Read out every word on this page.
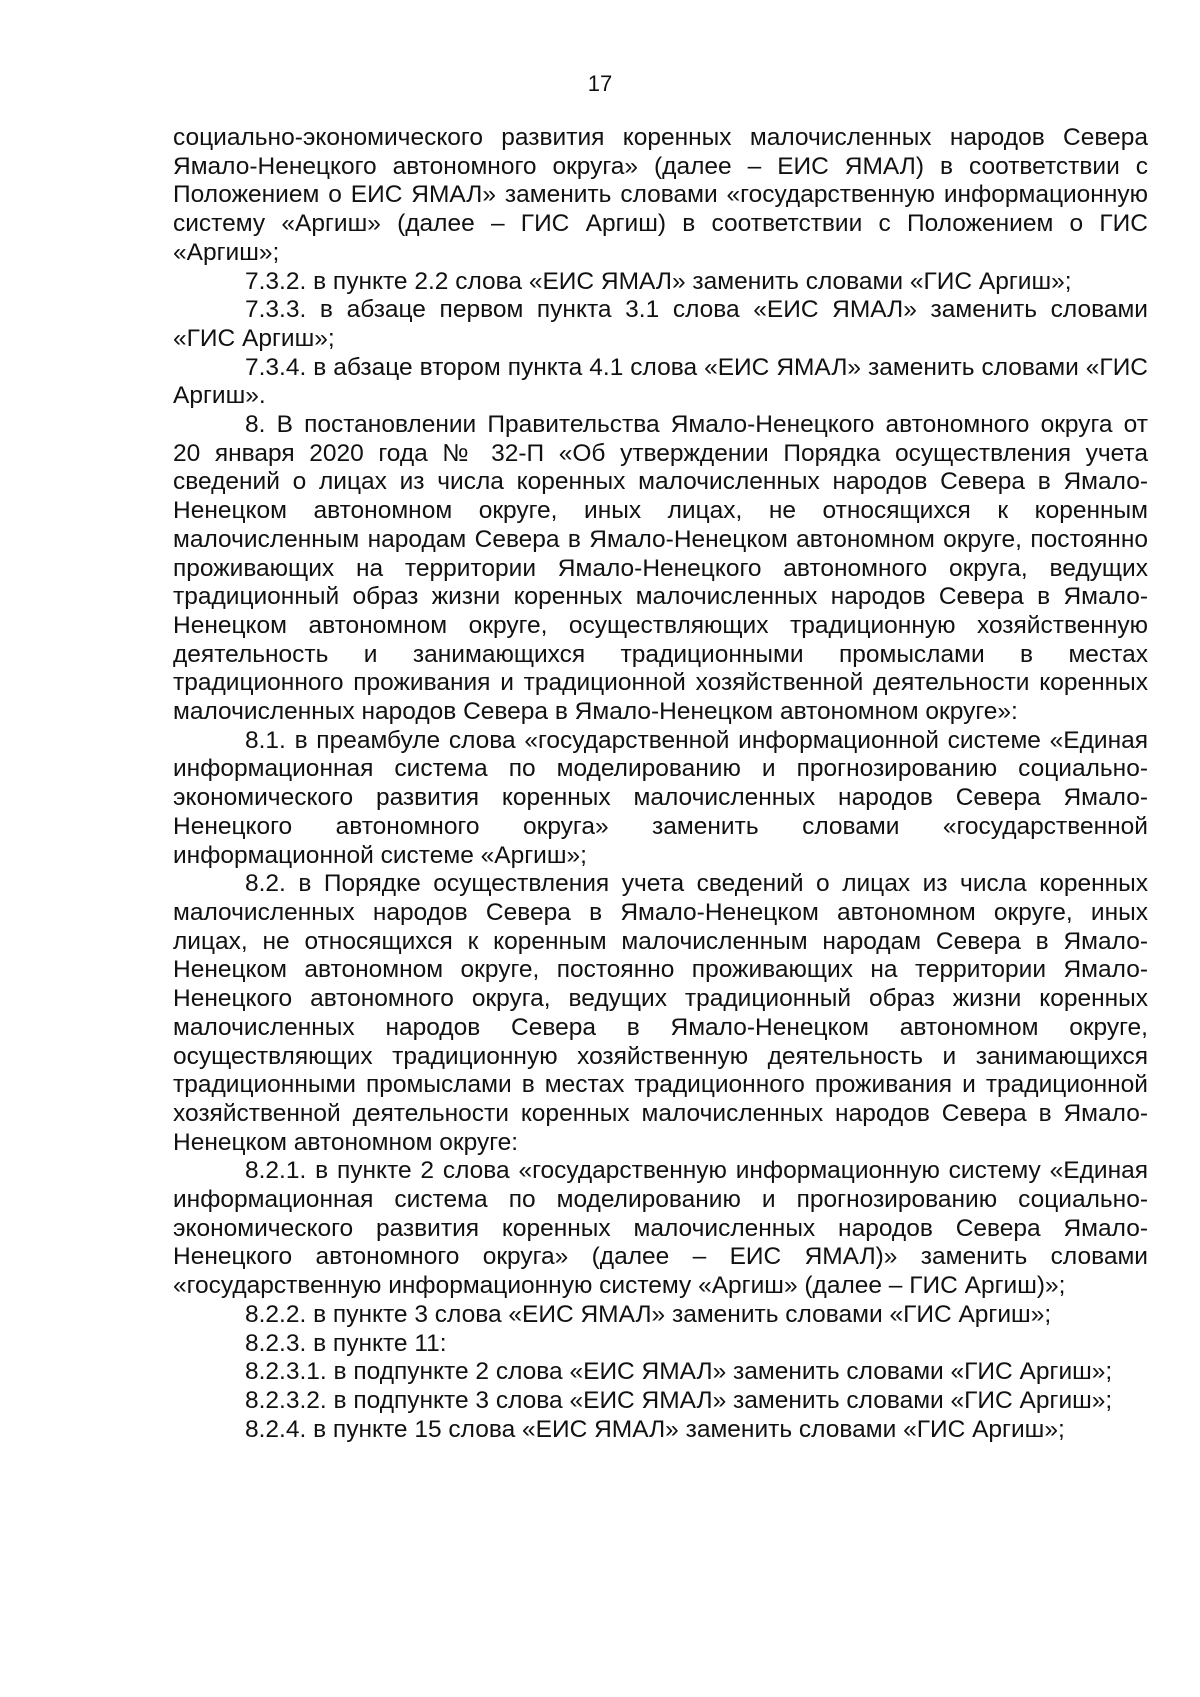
17

социально-экономического развития коренных малочисленных народов Севера Ямало-Ненецкого автономного округа» (далее – ЕИС ЯМАЛ) в соответствии с Положением о ЕИС ЯМАЛ» заменить словами «государственную информационную систему «Аргиш» (далее – ГИС Аргиш) в соответствии с Положением о ГИС «Аргиш»;

7.3.2. в пункте 2.2 слова «ЕИС ЯМАЛ» заменить словами «ГИС Аргиш»;

7.3.3. в абзаце первом пункта 3.1 слова «ЕИС ЯМАЛ» заменить словами «ГИС Аргиш»;

7.3.4. в абзаце втором пункта 4.1 слова «ЕИС ЯМАЛ» заменить словами «ГИС Аргиш».

8. В постановлении Правительства Ямало-Ненецкого автономного округа от 20 января 2020 года № 32-П «Об утверждении Порядка осуществления учета сведений о лицах из числа коренных малочисленных народов Севера в Ямало-Ненецком автономном округе, иных лицах, не относящихся к коренным малочисленным народам Севера в Ямало-Ненецком автономном округе, постоянно проживающих на территории Ямало-Ненецкого автономного округа, ведущих традиционный образ жизни коренных малочисленных народов Севера в Ямало-Ненецком автономном округе, осуществляющих традиционную хозяйственную деятельность и занимающихся традиционными промыслами в местах традиционного проживания и традиционной хозяйственной деятельности коренных малочисленных народов Севера в Ямало-Ненецком автономном округе»:

8.1. в преамбуле слова «государственной информационной системе «Единая информационная система по моделированию и прогнозированию социально-экономического развития коренных малочисленных народов Севера Ямало-Ненецкого автономного округа» заменить словами «государственной информационной системе «Аргиш»;

8.2. в Порядке осуществления учета сведений о лицах из числа коренных малочисленных народов Севера в Ямало-Ненецком автономном округе, иных лицах, не относящихся к коренным малочисленным народам Севера в Ямало-Ненецком автономном округе, постоянно проживающих на территории Ямало-Ненецкого автономного округа, ведущих традиционный образ жизни коренных малочисленных народов Севера в Ямало-Ненецком автономном округе, осуществляющих традиционную хозяйственную деятельность и занимающихся традиционными промыслами в местах традиционного проживания и традиционной хозяйственной деятельности коренных малочисленных народов Севера в Ямало-Ненецком автономном округе:

8.2.1. в пункте 2 слова «государственную информационную систему «Единая информационная система по моделированию и прогнозированию социально-экономического развития коренных малочисленных народов Севера Ямало-Ненецкого автономного округа» (далее – ЕИС ЯМАЛ)» заменить словами «государственную информационную систему «Аргиш» (далее – ГИС Аргиш)»;

8.2.2. в пункте 3 слова «ЕИС ЯМАЛ» заменить словами «ГИС Аргиш»;

8.2.3. в пункте 11:

8.2.3.1. в подпункте 2 слова «ЕИС ЯМАЛ» заменить словами «ГИС Аргиш»;

8.2.3.2. в подпункте 3 слова «ЕИС ЯМАЛ» заменить словами «ГИС Аргиш»;

8.2.4. в пункте 15 слова «ЕИС ЯМАЛ» заменить словами «ГИС Аргиш»;
